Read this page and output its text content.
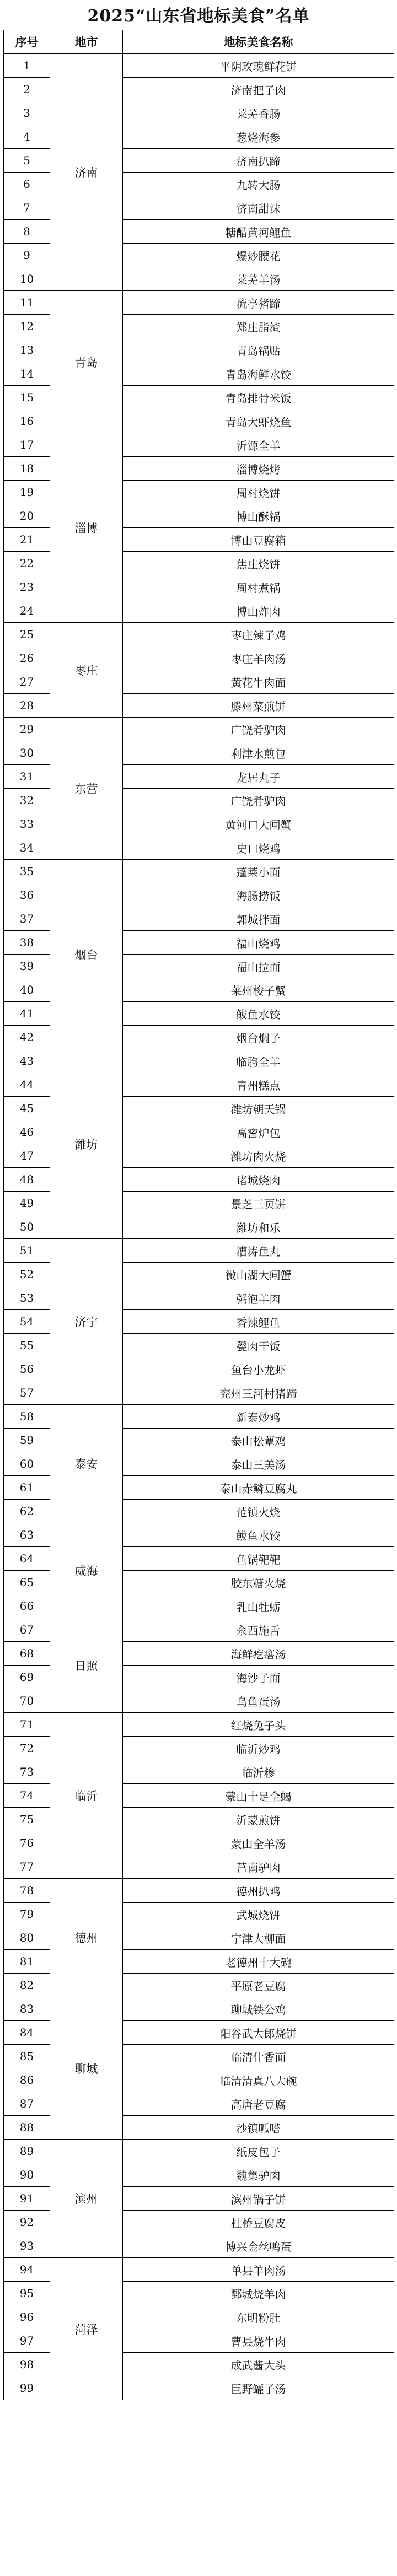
2025“山东省地标美食”名单
序号	地市	地标美食名称
1	济南	平阴玫瑰鲜花饼
2		济南把子肉
3		莱芜香肠
4		葱烧海参
5		济南扒蹄
6		九转大肠
7		济南甜沫
8		糖醋黄河鲤鱼
9		爆炒腰花
10		莱芜羊汤
11	青岛	流亭猪蹄
12		郑庄脂渣
13		青岛锅贴
14		青岛海鲜水饺
15		青岛排骨米饭
16		青岛大虾烧鱼
17	淄博	沂源全羊
18		淄博烧烤
19		周村烧饼
20		博山酥锅
21		博山豆腐箱
22		焦庄烧饼
23		周村煮锅
24		博山炸肉
25	枣庄	枣庄辣子鸡
26		枣庄羊肉汤
27		黄花牛肉面
28		滕州菜煎饼
29	东营	广饶肴驴肉
30		利津水煎包
31		龙居丸子
32		广饶肴驴肉
33		黄河口大闸蟹
34		史口烧鸡
35	烟台	蓬莱小面
36		海肠捞饭
37		郭城拌面
38		福山烧鸡
39		福山拉面
40		莱州梭子蟹
41		鲅鱼水饺
42		烟台焖子
43	潍坊	临朐全羊
44		青州糕点
45		潍坊朝天锅
46		高密炉包
47		潍坊肉火烧
48		诸城烧肉
49		景芝三页饼
50		潍坊和乐
51	济宁	漕涛鱼丸
52		微山湖大闸蟹
53		粥泡羊肉
54		香辣鲤鱼
55		甏肉干饭
56		鱼台小龙虾
57		兖州三河村猪蹄
58	泰安	新泰炒鸡
59		泰山松蕈鸡
60		泰山三美汤
61		泰山赤鳞豆腐丸
62		范镇火烧
63	威海	鲅鱼水饺
64		鱼锅靶靶
65		胶东糖火烧
66		乳山牡蛎
67	日照	汆西施舌
68		海鲜疙瘩汤
69		海沙子面
70		乌鱼蛋汤
71	临沂	红烧兔子头
72		临沂炒鸡
73		临沂糁
74		蒙山十足全蝎
75		沂蒙煎饼
76		蒙山全羊汤
77		莒南驴肉
78	德州	德州扒鸡
79		武城烧饼
80		宁津大柳面
81		老德州十大碗
82		平原老豆腐
83	聊城	聊城铁公鸡
84		阳谷武大郎烧饼
85		临清什香面
86		临清清真八大碗
87		高唐老豆腐
88		沙镇呱嗒
89	滨州	纸皮包子
90		魏集驴肉
91		滨州锅子饼
92		杜桥豆腐皮
93		博兴金丝鸭蛋
94	菏泽	单县羊肉汤
95		鄄城烧羊肉
96		东明粉肚
97		曹县烧牛肉
98		成武酱大头
99		巨野罐子汤
